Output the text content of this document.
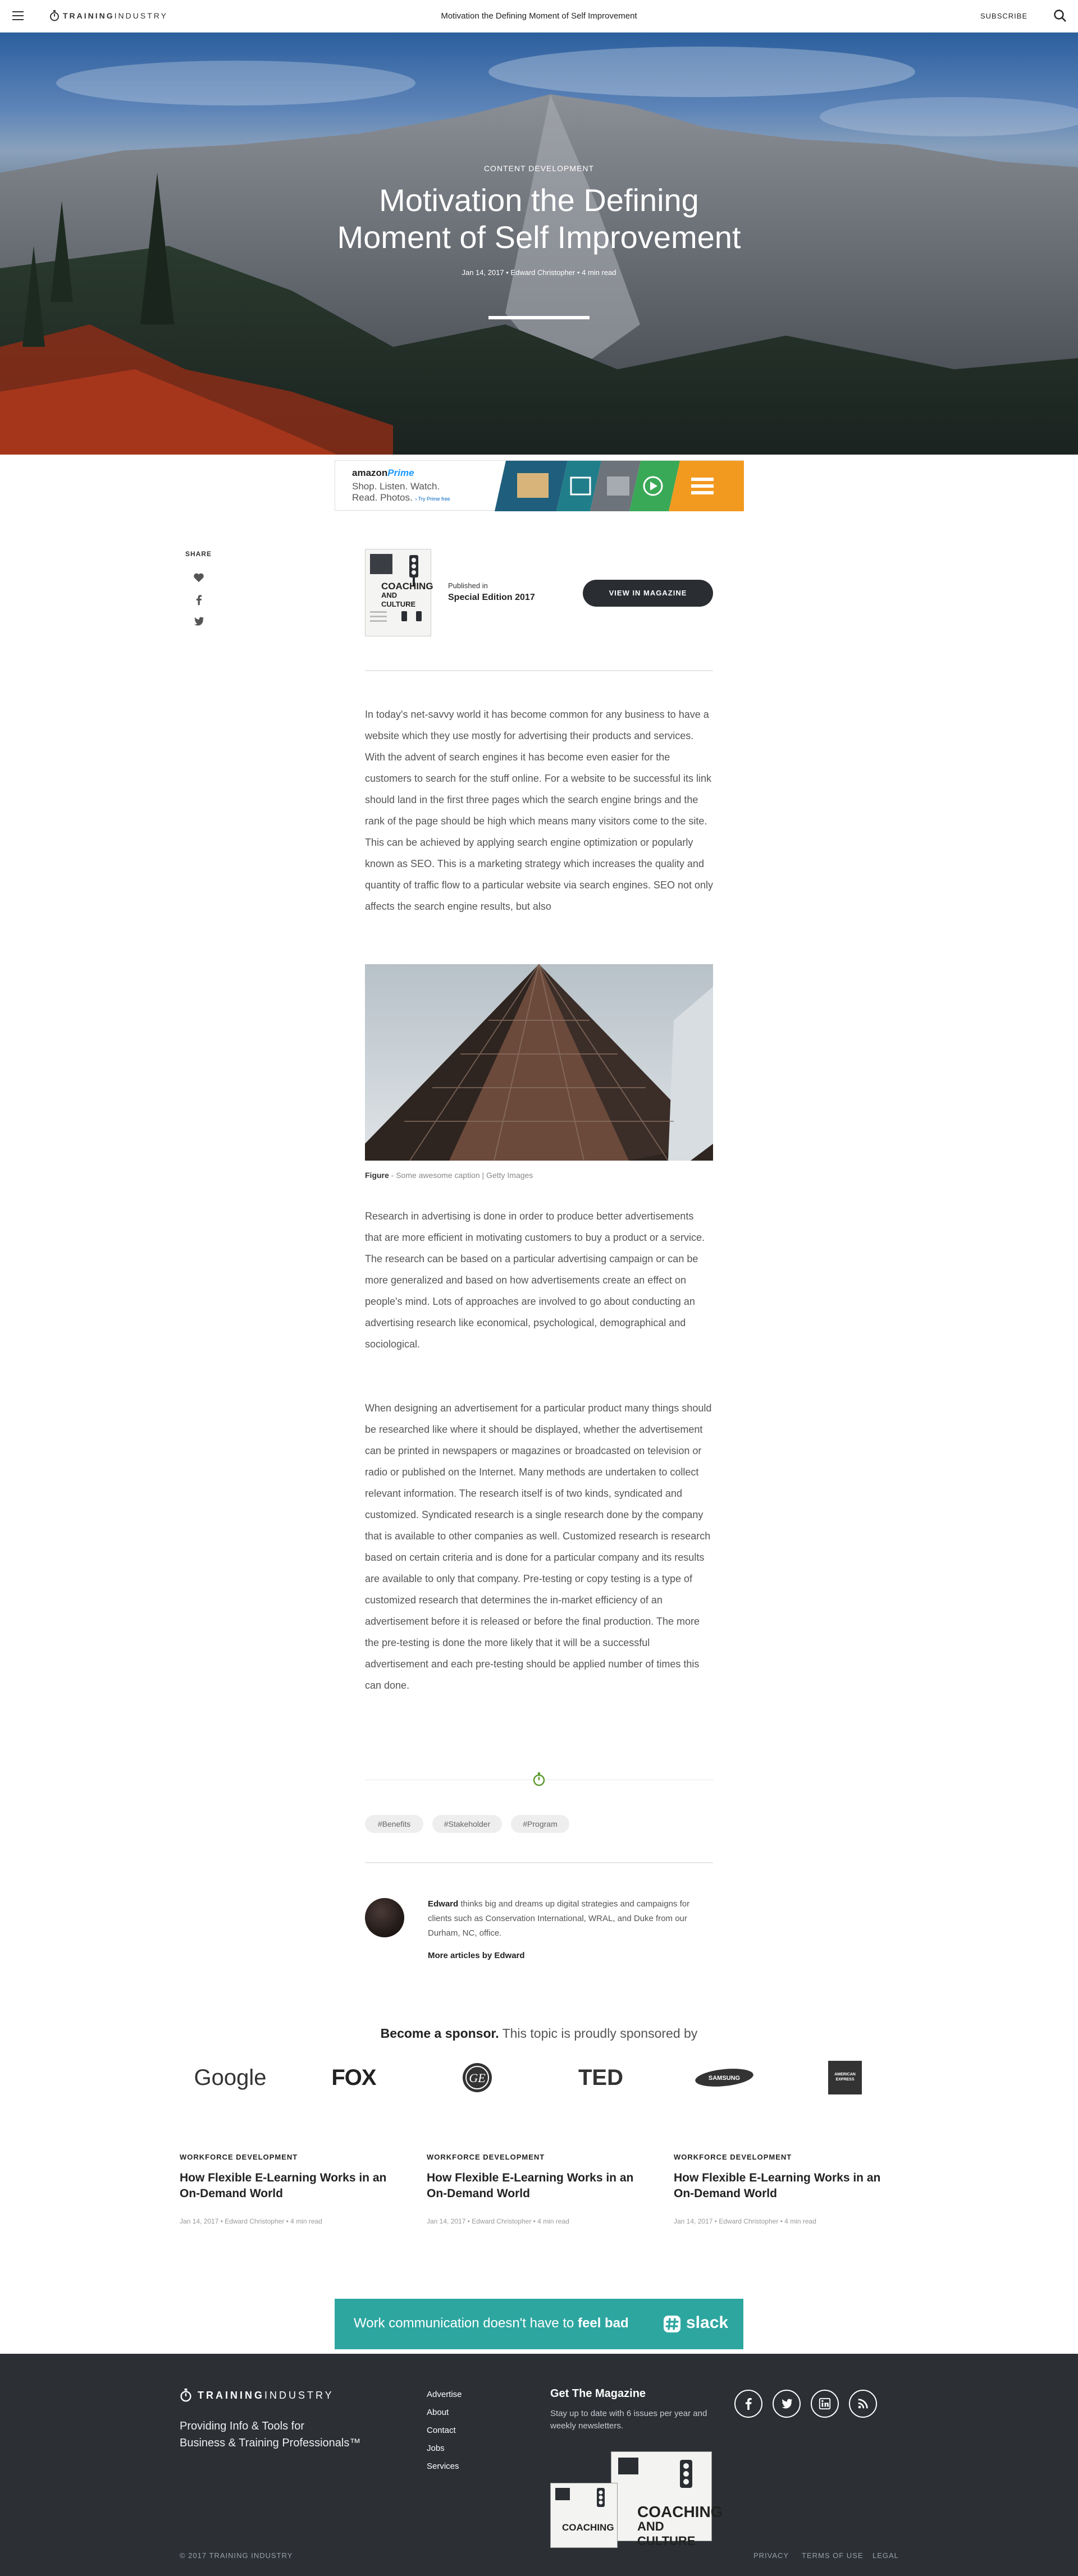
TRAININGINDUSTRY	Motivation the Defining Moment of Self Improvement	SUBSCRIBE
CONTENT DEVELOPMENT
Motivation the Defining
Moment of Self Improvement
Jan 14, 2017 • Edward Christopher • 4 min read
amazonPrime
Shop. Listen. Watch.
Read. Photos. › Try Prime free
SHARE
COACHING
AND CULTURE
Published in
Special Edition 2017	VIEW IN MAGAZINE

In today's net-savvy world it has become common for any business to have a website which they use mostly for advertising their products and services. With the advent of search engines it has become even easier for the customers to search for the stuff online. For a website to be successful its link should land in the first three pages which the search engine brings and the rank of the page should be high which means many visitors come to the site. This can be achieved by applying search engine optimization or popularly known as SEO. This is a marketing strategy which increases the quality and quantity of traffic flow to a particular website via search engines. SEO not only affects the search engine results, but also

Figure - Some awesome caption | Getty Images

Research in advertising is done in order to produce better advertisements that are more efficient in motivating customers to buy a product or a service. The research can be based on a particular advertising campaign or can be more generalized and based on how advertisements create an effect on people's mind. Lots of approaches are involved to go about conducting an advertising research like economical, psychological, demographical and sociological.

When designing an advertisement for a particular product many things should be researched like where it should be displayed, whether the advertisement can be printed in newspapers or magazines or broadcasted on television or radio or published on the Internet. Many methods are undertaken to collect relevant information. The research itself is of two kinds, syndicated and customized. Syndicated research is a single research done by the company that is available to other companies as well. Customized research is research based on certain criteria and is done for a particular company and its results are available to only that company. Pre-testing or copy testing is a type of customized research that determines the in-market efficiency of an advertisement before it is released or before the final production. The more the pre-testing is done the more likely that it will be a successful advertisement and each pre-testing should be applied number of times this can done.

#Benefits	#Stakeholder	#Program
Edward thinks big and dreams up digital strategies and campaigns for clients such as Conservation International, WRAL, and Duke from our Durham, NC, office.
More articles by Edward
Become a sponsor. This topic is proudly sponsored by
Google	FOX	GE	TED	SAMSUNG
AMERICAN
EXPRESS
WORKFORCE DEVELOPMENT
How Flexible E-Learning Works in an On-Demand World
Jan 14, 2017 • Edward Christopher • 4 min read
WORKFORCE DEVELOPMENT
How Flexible E-Learning Works in an On-Demand World
Jan 14, 2017 • Edward Christopher • 4 min read
WORKFORCE DEVELOPMENT
How Flexible E-Learning Works in an On-Demand World
Jan 14, 2017 • Edward Christopher • 4 min read
Work communication doesn't have to feel bad	slack
TRAININGINDUSTRY
Providing Info & Tools for
Business & Training Professionals™
Advertise
About
Contact
Jobs
Services
Get The Magazine
Stay up to date with 6 issues per year and weekly newsletters.
COACHING
AND CULTURE
COACHING
© 2017 TRAINING INDUSTRY	PRIVACY TERMS OF USE LEGAL
